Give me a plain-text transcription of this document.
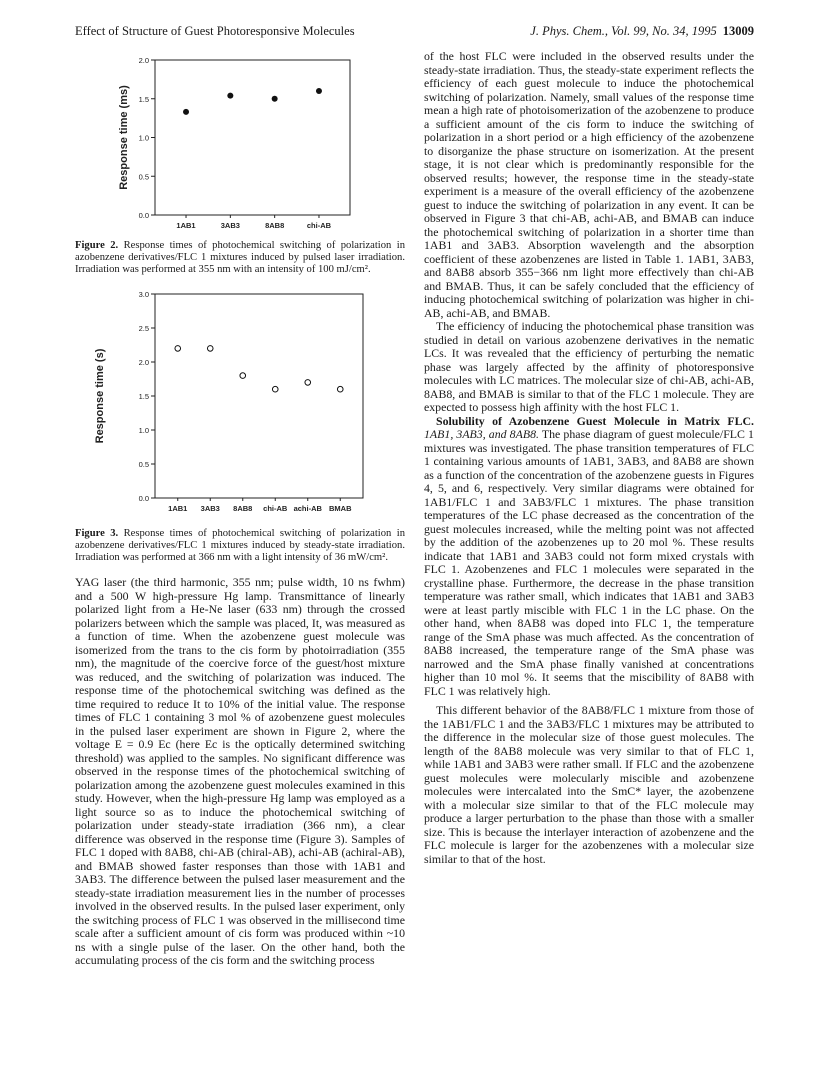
Effect of Structure of Guest Photoresponsive Molecules	J. Phys. Chem., Vol. 99, No. 34, 1995 13009
0.0
0.5
1.0
1.5
2.0
1AB1	3AB3	8AB8	chi-AB
Response time (ms)
Figure 2. Response times of photochemical switching of polarization in azobenzene derivatives/FLC 1 mixtures induced by pulsed laser irradiation. Irradiation was performed at 355 nm with an intensity of 100 mJ/cm².
0.0
0.5
1.0
1.5
2.0
2.5
3.0
1AB1 3AB3 8AB8 chi-AB achi-AB BMAB
Response time (s)
Figure 3. Response times of photochemical switching of polarization in azobenzene derivatives/FLC 1 mixtures induced by steady-state irradiation. Irradiation was performed at 366 nm with a light intensity of 36 mW/cm².

YAG laser (the third harmonic, 355 nm; pulse width, 10 ns fwhm) and a 500 W high-pressure Hg lamp. Transmittance of linearly polarized light from a He-Ne laser (633 nm) through the crossed polarizers between which the sample was placed, It, was measured as a function of time. When the azobenzene guest molecule was isomerized from the trans to the cis form by photoirradiation (355 nm), the magnitude of the coercive force of the guest/host mixture was reduced, and the switching of polarization was induced. The response time of the photochemical switching was defined as the time required to reduce It to 10% of the initial value. The response times of FLC 1 containing 3 mol % of azobenzene guest molecules in the pulsed laser experiment are shown in Figure 2, where the voltage E = 0.9 Ec (here Ec is the optically determined switching threshold) was applied to the samples. No significant difference was observed in the response times of the photochemical switching of polarization among the azobenzene guest molecules examined in this study. However, when the high-pressure Hg lamp was employed as a light source so as to induce the photochemical switching of polarization under steady-state irradiation (366 nm), a clear difference was observed in the response time (Figure 3). Samples of FLC 1 doped with 8AB8, chi-AB (chiral-AB), achi-AB (achiral-AB), and BMAB showed faster responses than those with 1AB1 and 3AB3. The difference between the pulsed laser measurement and the steady-state irradiation measurement lies in the number of processes involved in the observed results. In the pulsed laser experiment, only the switching process of FLC 1 was observed in the millisecond time scale after a sufficient amount of cis form was produced within ~10 ns with a single pulse of the laser. On the other hand, both the accumulating process of the cis form and the switching process

of the host FLC were included in the observed results under the steady-state irradiation. Thus, the steady-state experiment reflects the efficiency of each guest molecule to induce the photochemical switching of polarization. Namely, small values of the response time mean a high rate of photoisomerization of the azobenzene to produce a sufficient amount of the cis form to induce the switching of polarization in a short period or a high efficiency of the azobenzene to disorganize the phase structure on isomerization. At the present stage, it is not clear which is predominantly responsible for the observed results; however, the response time in the steady-state experiment is a measure of the overall efficiency of the azobenzene guest to induce the switching of polarization in any event. It can be observed in Figure 3 that chi-AB, achi-AB, and BMAB can induce the photochemical switching of polarization in a shorter time than 1AB1 and 3AB3. Absorption wavelength and the absorption coefficient of these azobenzenes are listed in Table 1. 1AB1, 3AB3, and 8AB8 absorb 355−366 nm light more effectively than chi-AB and BMAB. Thus, it can be safely concluded that the efficiency of inducing photochemical switching of polarization was higher in chi-AB, achi-AB, and BMAB.

The efficiency of inducing the photochemical phase transition was studied in detail on various azobenzene derivatives in the nematic LCs. It was revealed that the efficiency of perturbing the nematic phase was largely affected by the affinity of photoresponsive molecules with LC matrices. The molecular size of chi-AB, achi-AB, 8AB8, and BMAB is similar to that of the FLC 1 molecule. They are expected to possess high affinity with the host FLC 1.

Solubility of Azobenzene Guest Molecule in Matrix FLC. 1AB1, 3AB3, and 8AB8. The phase diagram of guest molecule/FLC 1 mixtures was investigated. The phase transition temperatures of FLC 1 containing various amounts of 1AB1, 3AB3, and 8AB8 are shown as a function of the concentration of the azobenzene guests in Figures 4, 5, and 6, respectively. Very similar diagrams were obtained for 1AB1/FLC 1 and 3AB3/FLC 1 mixtures. The phase transition temperatures of the LC phase decreased as the concentration of the guest molecules increased, while the melting point was not affected by the addition of the azobenzenes up to 20 mol %. These results indicate that 1AB1 and 3AB3 could not form mixed crystals with FLC 1. Azobenzenes and FLC 1 molecules were separated in the crystalline phase. Furthermore, the decrease in the phase transition temperature was rather small, which indicates that 1AB1 and 3AB3 were at least partly miscible with FLC 1 in the LC phase. On the other hand, when 8AB8 was doped into FLC 1, the temperature range of the SmA phase was much affected. As the concentration of 8AB8 increased, the temperature range of the SmA phase was narrowed and the SmA phase finally vanished at concentrations higher than 10 mol %. It seems that the miscibility of 8AB8 with FLC 1 was relatively high.

This different behavior of the 8AB8/FLC 1 mixture from those of the 1AB1/FLC 1 and the 3AB3/FLC 1 mixtures may be attributed to the difference in the molecular size of those guest molecules. The length of the 8AB8 molecule was very similar to that of FLC 1, while 1AB1 and 3AB3 were rather small. If FLC and the azobenzene guest molecules were molecularly miscible and azobenzene molecules were intercalated into the SmC* layer, the azobenzene with a molecular size similar to that of the FLC molecule may produce a larger perturbation to the phase than those with a smaller size. This is because the interlayer interaction of azobenzene and the FLC molecule is larger for the azobenzenes with a molecular size similar to that of the host.
